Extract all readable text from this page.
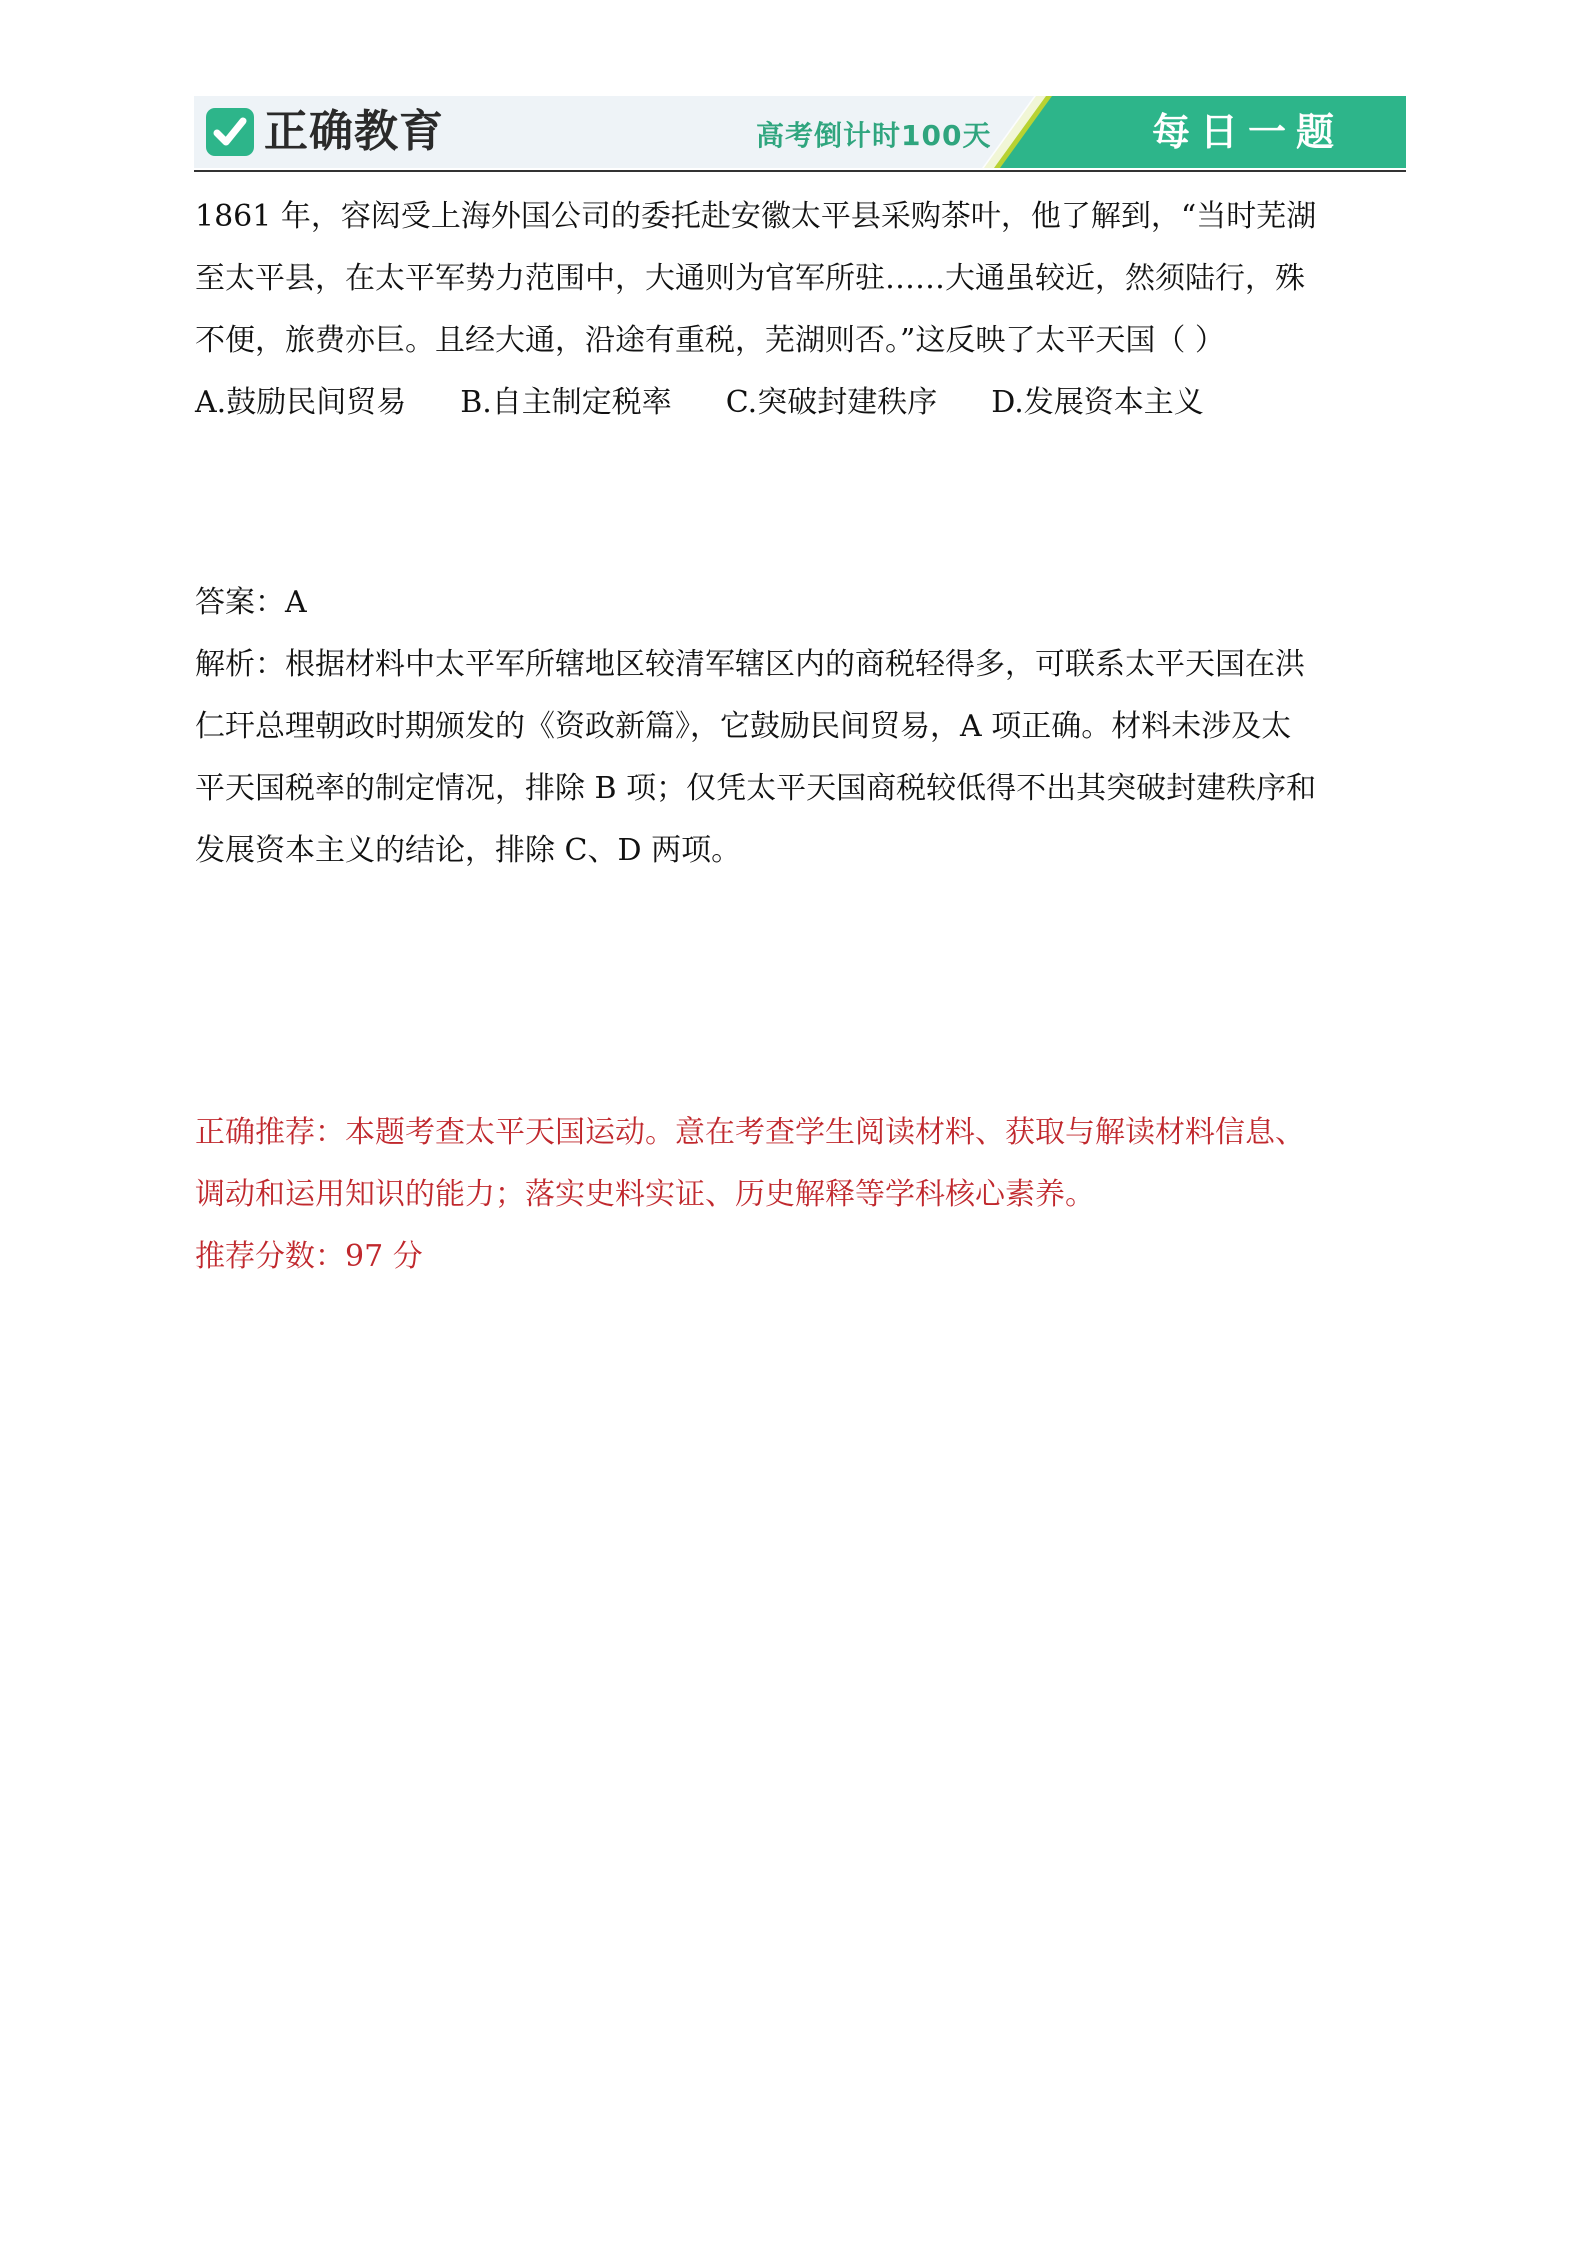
正确教育	高考倒计时100天	每日一题
1861 年，容闳受上海外国公司的委托赴安徽太平县采购茶叶，他了解到，“当时芜湖
至太平县，在太平军势力范围中，大通则为官军所驻……大通虽较近，然须陆行，殊
不便，旅费亦巨。且经大通，沿途有重税，芜湖则否。”这反映了太平天国（ ）
A.鼓励民间贸易 B.自主制定税率 C.突破封建秩序 D.发展资本主义
答案：A
解析：根据材料中太平军所辖地区较清军辖区内的商税轻得多，可联系太平天国在洪
仁玕总理朝政时期颁发的《资政新篇》，它鼓励民间贸易，A 项正确。材料未涉及太
平天国税率的制定情况，排除 B 项；仅凭太平天国商税较低得不出其突破封建秩序和
发展资本主义的结论，排除 C、D 两项。
正确推荐：本题考查太平天国运动。意在考查学生阅读材料、获取与解读材料信息、
调动和运用知识的能力；落实史料实证、历史解释等学科核心素养。
推荐分数：97 分
